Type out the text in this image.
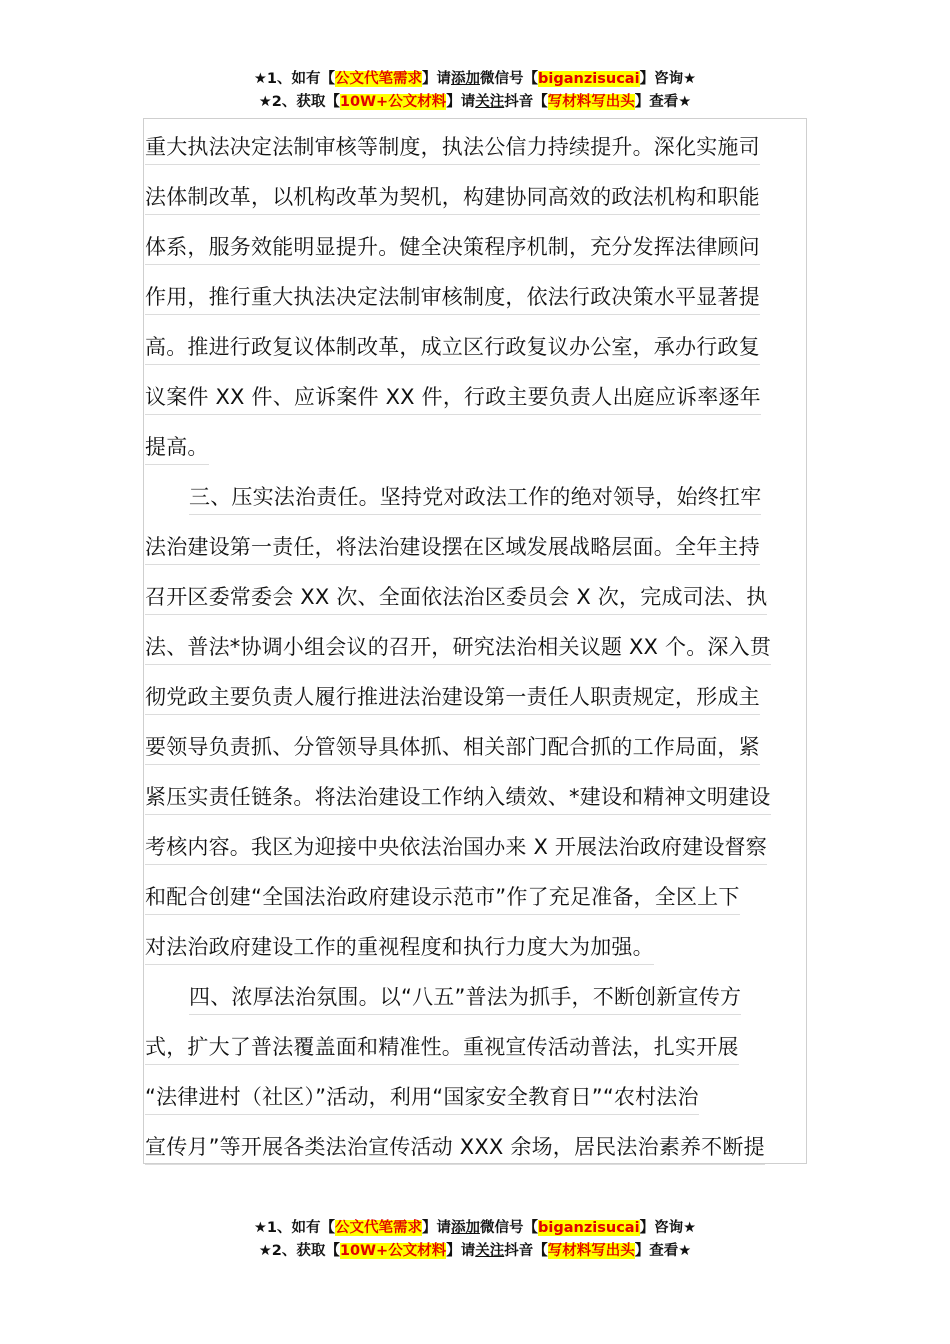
★1、如有【公文代笔需求】请添加微信号【biganzisucai】咨询★
★2、获取【10W+公文材料】请关注抖音【写材料写出头】查看★
重大执法决定法制审核等制度，执法公信力持续提升。深化实施司
法体制改革，以机构改革为契机，构建协同高效的政法机构和职能
体系，服务效能明显提升。健全决策程序机制，充分发挥法律顾问
作用，推行重大执法决定法制审核制度，依法行政决策水平显著提
高。推进行政复议体制改革，成立区行政复议办公室，承办行政复
议案件 XX 件、应诉案件 XX 件，行政主要负责人出庭应诉率逐年
提高。
三、压实法治责任。坚持党对政法工作的绝对领导，始终扛牢
法治建设第一责任，将法治建设摆在区域发展战略层面。全年主持
召开区委常委会 XX 次、全面依法治区委员会 X 次，完成司法、执
法、普法*协调小组会议的召开，研究法治相关议题 XX 个。深入贯
彻党政主要负责人履行推进法治建设第一责任人职责规定，形成主
要领导负责抓、分管领导具体抓、相关部门配合抓的工作局面，紧
紧压实责任链条。将法治建设工作纳入绩效、*建设和精神文明建设
考核内容。我区为迎接中央依法治国办来 X 开展法治政府建设督察
和配合创建“全国法治政府建设示范市”作了充足准备，全区上下
对法治政府建设工作的重视程度和执行力度大为加强。
四、浓厚法治氛围。以“八五”普法为抓手，不断创新宣传方
式，扩大了普法覆盖面和精准性。重视宣传活动普法，扎实开展
“法律进村（社区）”活动，利用“国家安全教育日”“农村法治
宣传月”等开展各类法治宣传活动 XXX 余场，居民法治素养不断提
★1、如有【公文代笔需求】请添加微信号【biganzisucai】咨询★
★2、获取【10W+公文材料】请关注抖音【写材料写出头】查看★
